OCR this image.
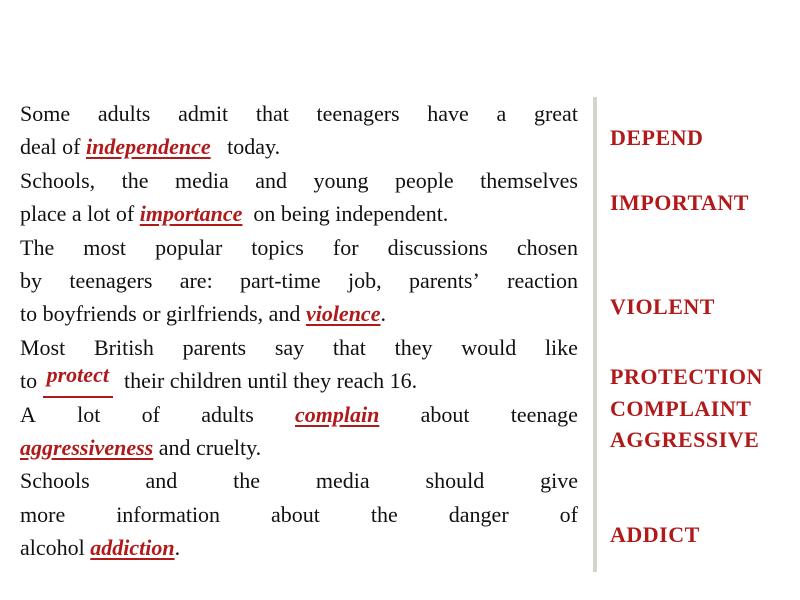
Some adults admit that teenagers have a great
deal of
independence
today.
Schools, the media and young people themselves
place a lot of
importance
on being independent.
The most popular topics for discussions chosen
by teenagers are: part-time job, parents’ reaction
to boyfriends or girlfriends, and
violence .
Most British parents say that they would like
to
protect
their children until they reach 16.
A lot of adults complain about teenage
aggressiveness
and cruelty.
Schools	and	the	media	should	give
more information about the danger of
alcohol
addiction .
DEPEND
IMPORTANT
VIOLENT
PROTECTION
COMPLAINT
AGGRESSIVE
ADDICT
